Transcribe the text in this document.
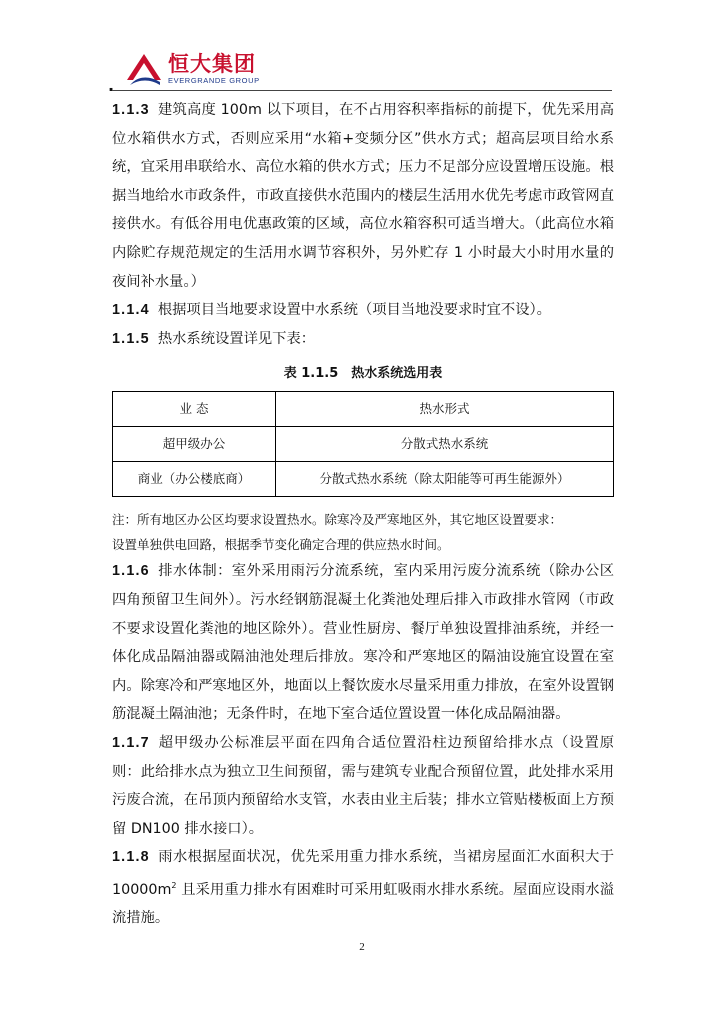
.
恒大集团
EVERGRANDE GROUP

1.1.3 建筑高度 100m 以下项目，在不占用容积率指标的前提下，优先采用高位水箱供水方式，否则应采用“水箱+变频分区”供水方式；超高层项目给水系统，宜采用串联给水、高位水箱的供水方式；压力不足部分应设置增压设施。根据当地给水市政条件，市政直接供水范围内的楼层生活用水优先考虑市政管网直接供水。有低谷用电优惠政策的区域，高位水箱容积可适当增大。（此高位水箱内除贮存规范规定的生活用水调节容积外，另外贮存 1 小时最大小时用水量的夜间补水量。）

1.1.4 根据项目当地要求设置中水系统（项目当地没要求时宜不设）。

1.1.5 热水系统设置详见下表：

表 1.1.5　热水系统选用表
业 态	热水形式
超甲级办公	分散式热水系统
商业（办公楼底商）	分散式热水系统（除太阳能等可再生能源外）
注：所有地区办公区均要求设置热水。除寒冷及严寒地区外，其它地区设置要求：
设置单独供电回路，根据季节变化确定合理的供应热水时间。

1.1.6 排水体制：室外采用雨污分流系统，室内采用污废分流系统（除办公区四角预留卫生间外）。污水经钢筋混凝土化粪池处理后排入市政排水管网（市政不要求设置化粪池的地区除外）。营业性厨房、餐厅单独设置排油系统，并经一体化成品隔油器或隔油池处理后排放。寒冷和严寒地区的隔油设施宜设置在室内。除寒冷和严寒地区外，地面以上餐饮废水尽量采用重力排放，在室外设置钢筋混凝土隔油池；无条件时，在地下室合适位置设置一体化成品隔油器。

1.1.7 超甲级办公标准层平面在四角合适位置沿柱边预留给排水点（设置原则：此给排水点为独立卫生间预留，需与建筑专业配合预留位置，此处排水采用污废合流，在吊顶内预留给水支管，水表由业主后装；排水立管贴楼板面上方预留 DN100 排水接口）。

1.1.8 雨水根据屋面状况，优先采用重力排水系统，当裙房屋面汇水面积大于 $10000m^2$ 且采用重力排水有困难时可采用虹吸雨水排水系统。屋面应设雨水溢流措施。

2
